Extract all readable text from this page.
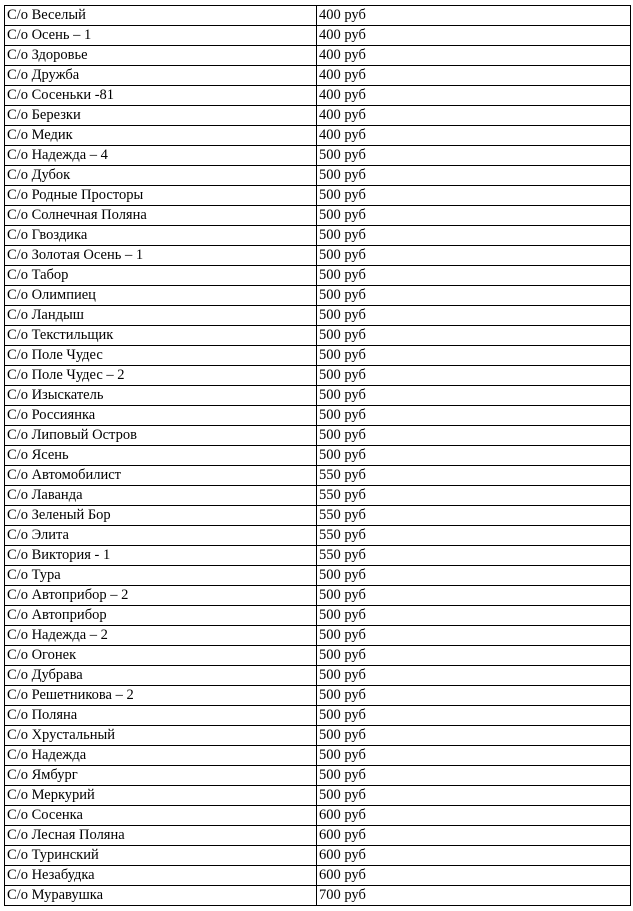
С/о Веселый	400 руб
С/о Осень – 1	400 руб
С/о Здоровье	400 руб
С/о Дружба	400 руб
С/о Сосеньки -81	400 руб
С/о Березки	400 руб
С/о Медик	400 руб
С/о Надежда – 4	500 руб
С/о Дубок	500 руб
С/о Родные Просторы	500 руб
С/о Солнечная Поляна	500 руб
С/о Гвоздика	500 руб
С/о Золотая Осень – 1	500 руб
С/о Табор	500 руб
С/о Олимпиец	500 руб
С/о Ландыш	500 руб
С/о Текстильщик	500 руб
С/о Поле Чудес	500 руб
С/о Поле Чудес – 2	500 руб
С/о Изыскатель	500 руб
С/о Россиянка	500 руб
С/о Липовый Остров	500 руб
С/о Ясень	500 руб
С/о Автомобилист	550 руб
С/о Лаванда	550 руб
С/о Зеленый Бор	550 руб
С/о Элита	550 руб
С/о Виктория - 1	550 руб
С/о Тура	500 руб
С/о Автоприбор – 2	500 руб
С/о Автоприбор	500 руб
С/о Надежда – 2	500 руб
С/о Огонек	500 руб
С/о Дубрава	500 руб
С/о Решетникова – 2	500 руб
С/о Поляна	500 руб
С/о Хрустальный	500 руб
С/о Надежда	500 руб
С/о Ямбург	500 руб
С/о Меркурий	500 руб
С/о Сосенка	600 руб
С/о Лесная Поляна	600 руб
С/о Туринский	600 руб
С/о Незабудка	600 руб
С/о Муравушка	700 руб
